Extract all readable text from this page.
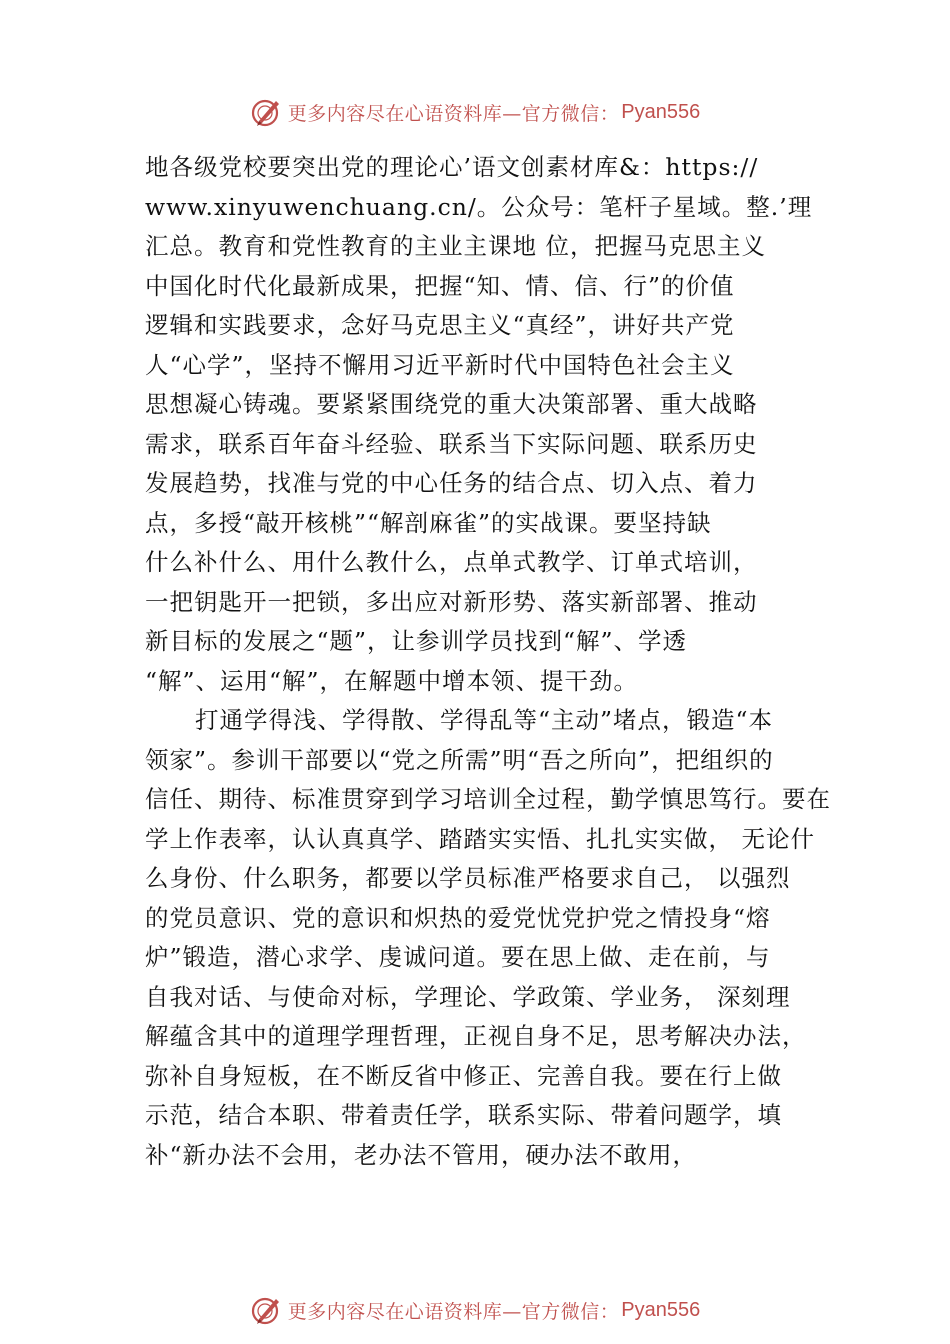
更多内容尽在心语资料库—官方微信： Pyan556
地各级党校要突出党的理论心’语文创素材库&：https://
www.xinyuwenchuang.cn/。公众号：笔杆子星域。整.’理
汇总。教育和党性教育的主业主课地 位，把握马克思主义
中国化时代化最新成果，把握“知、情、信、行”的价值
逻辑和实践要求，念好马克思主义“真经”，讲好共产党
人“心学”，坚持不懈用习近平新时代中国特色社会主义
思想凝心铸魂。要紧紧围绕党的重大决策部署、重大战略
需求，联系百年奋斗经验、联系当下实际问题、联系历史
发展趋势，找准与党的中心任务的结合点、切入点、着力
点，多授“敲开核桃”“解剖麻雀”的实战课。要坚持缺
什么补什么、用什么教什么，点单式教学、订单式培训，
一把钥匙开一把锁，多出应对新形势、落实新部署、推动
新目标的发展之“题”，让参训学员找到“解”、学透
“解”、运用“解”，在解题中增本领、提干劲。
打通学得浅、学得散、学得乱等“主动”堵点，锻造“本
领家”。参训干部要以“党之所需”明“吾之所向”，把组织的
信任、期待、标准贯穿到学习培训全过程，勤学慎思笃行。要在
学上作表率，认认真真学、踏踏实实悟、扎扎实实做， 无论什
么身份、什么职务，都要以学员标准严格要求自己， 以强烈
的党员意识、党的意识和炽热的爱党忧党护党之情投身“熔
炉”锻造，潜心求学、虔诚问道。要在思上做、走在前，与
自我对话、与使命对标，学理论、学政策、学业务， 深刻理
解蕴含其中的道理学理哲理，正视自身不足，思考解决办法，
弥补自身短板，在不断反省中修正、完善自我。要在行上做
示范，结合本职、带着责任学，联系实际、带着问题学，填
补“新办法不会用，老办法不管用，硬办法不敢用，
更多内容尽在心语资料库—官方微信： Pyan556
